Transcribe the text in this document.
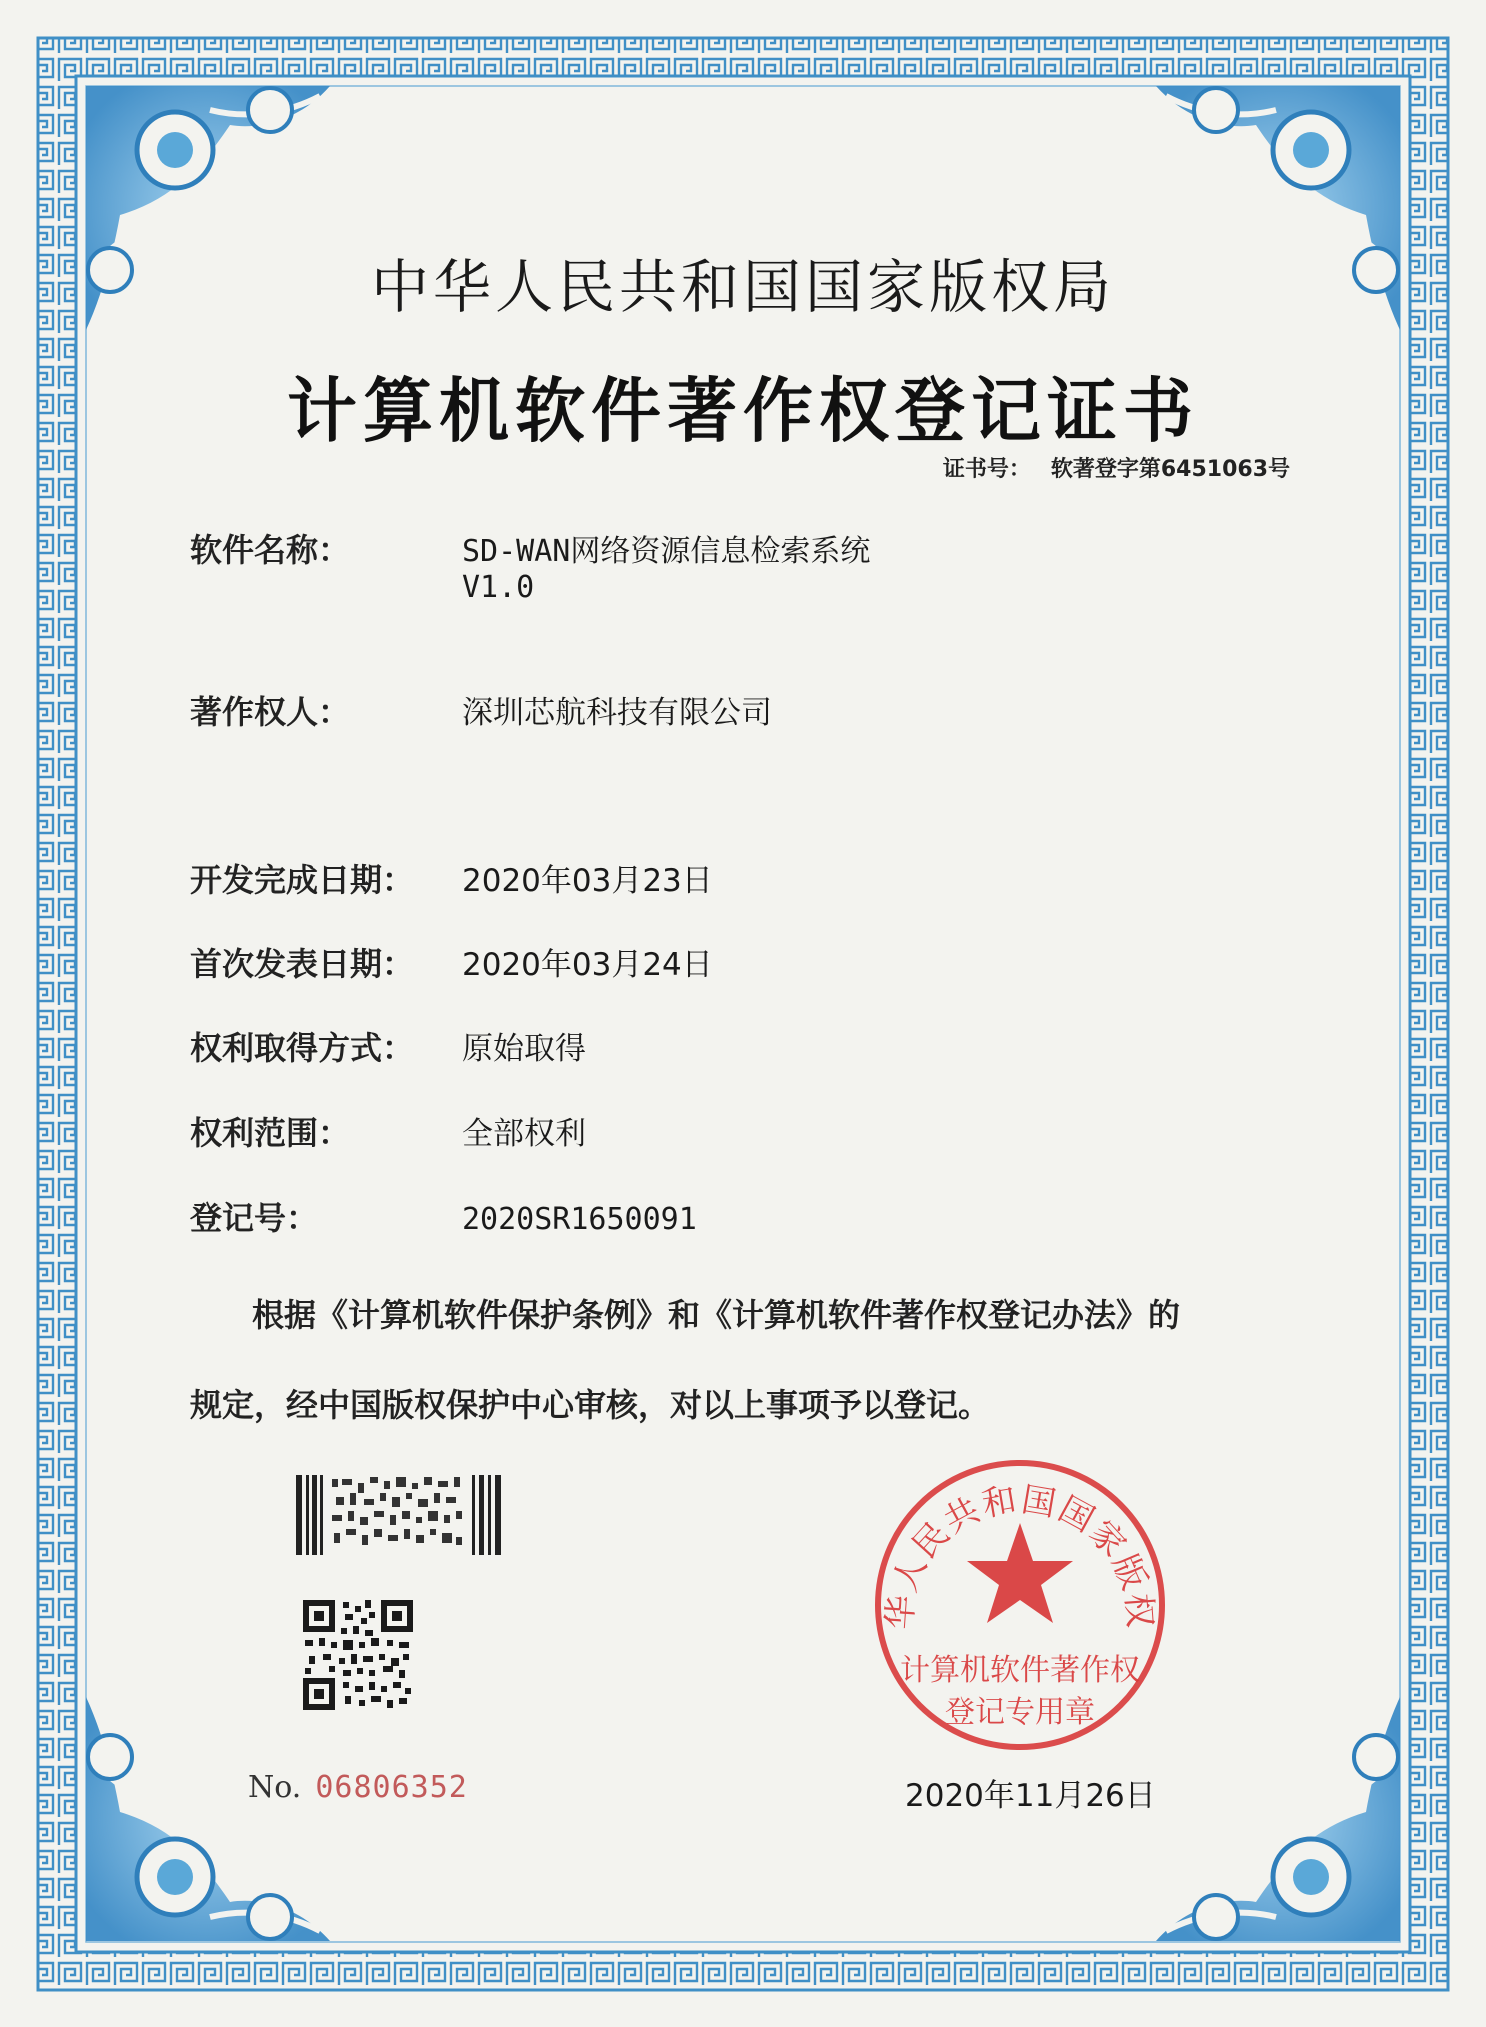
中华人民共和国国家版权局
计算机软件著作权登记证书
证书号： 软著登字第6451063号
软件名称：	SD-WAN网络资源信息检索系统
V1.0
著作权人：	深圳芯航科技有限公司
开发完成日期： 2020年03月23日
首次发表日期： 2020年03月24日
权利取得方式： 原始取得
权利范围：	全部权利
登记号：	2020SR1650091
根据《计算机软件保护条例》和《计算机软件著作权登记办法》的
规定，经中国版权保护中心审核，对以上事项予以登记。
No. 06806352
华人民共和国国家版权
计算机软件著作权
登记专用章
2020年11月26日
